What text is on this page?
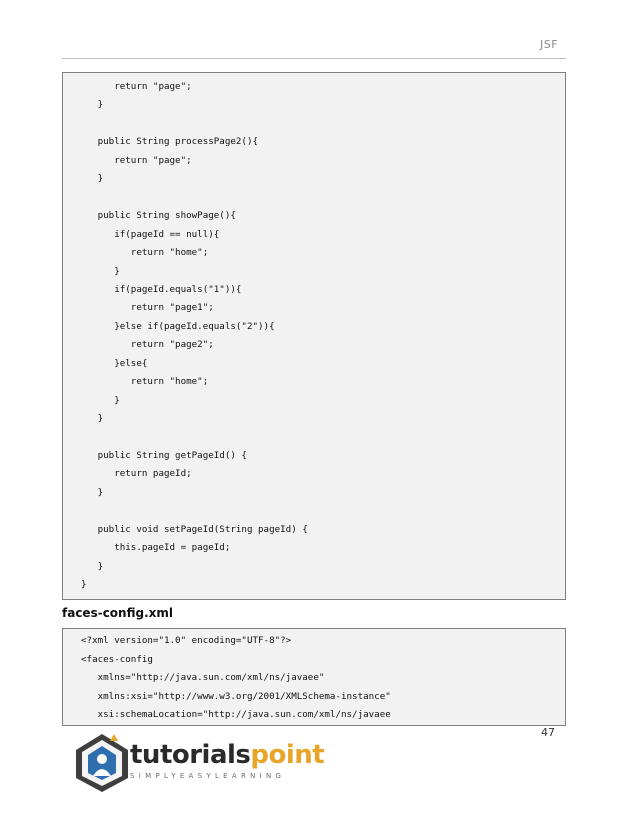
JSF
return "page";
}
public String processPage2(){
return "page";
}
public String showPage(){
if(pageId == null){
return "home";
}
if(pageId.equals("1")){
return "page1";
}else if(pageId.equals("2")){
return "page2";
}else{
return "home";
}
}
public String getPageId() {
return pageId;
}
public void setPageId(String pageId) {
this.pageId = pageId;
}
}
faces-config.xml
<?xml version="1.0" encoding="UTF-8"?>
<faces-config
xmlns="http://java.sun.com/xml/ns/javaee"
xmlns:xsi="http://www.w3.org/2001/XMLSchema-instance"
xsi:schemaLocation="http://java.sun.com/xml/ns/javaee
47
tutorialspoint
SIMPLYEASYLEARNING
